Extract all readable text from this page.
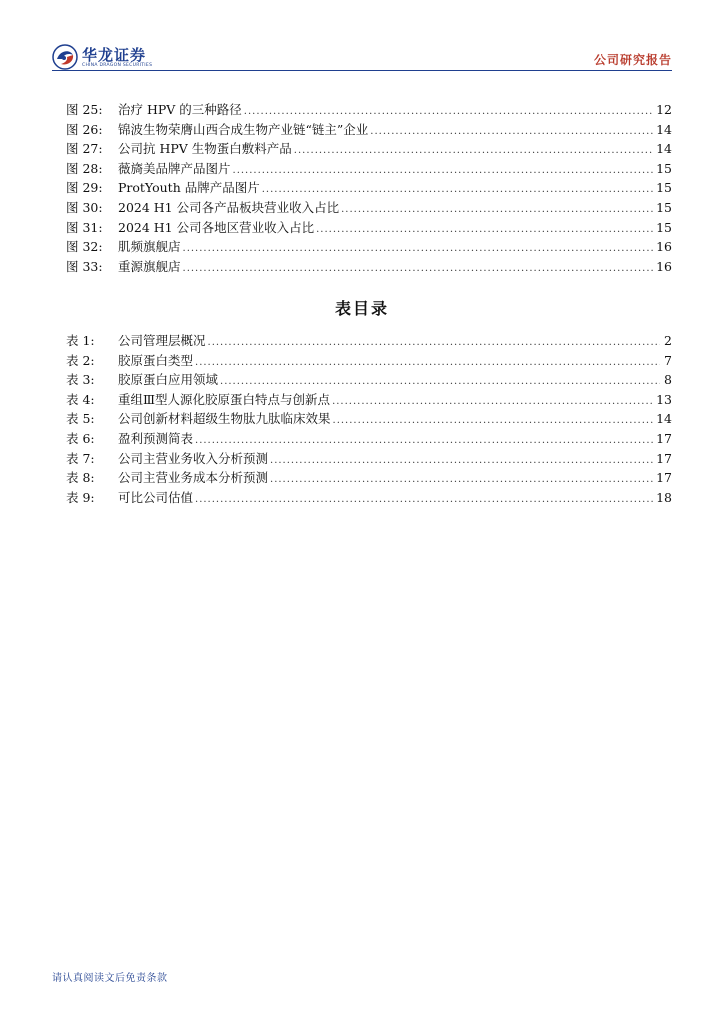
华龙证券
CHINA DRAGON SECURITIES	公司研究报告
图 25:	治疗 HPV 的三种路径 .....	12
图 26:	锦波生物荣膺山西合成生物产业链“链主”企业 .....	14
图 27:	公司抗 HPV 生物蛋白敷料产品 .....	14
图 28:	薇旖美品牌产品图片 .....	15
图 29:	ProtYouth 品牌产品图片 .....	15
图 30:	2024 H1 公司各产品板块营业收入占比 .....	15
图 31:	2024 H1 公司各地区营业收入占比 .....	15
图 32:	肌频旗舰店 .....	16
图 33:	重源旗舰店 .....	16
表目录
表 1:	公司管理层概况 .....	2
表 2:	胶原蛋白类型 .....	7
表 3:	胶原蛋白应用领域 .....	8
表 4:	重组Ⅲ型人源化胶原蛋白特点与创新点 .....	13
表 5:	公司创新材料超级生物肽九肽临床效果 .....	14
表 6:	盈利预测简表 .....	17
表 7:	公司主营业务收入分析预测 .....	17
表 8:	公司主营业务成本分析预测 .....	17
表 9:	可比公司估值 .....	18
请认真阅读文后免责条款
